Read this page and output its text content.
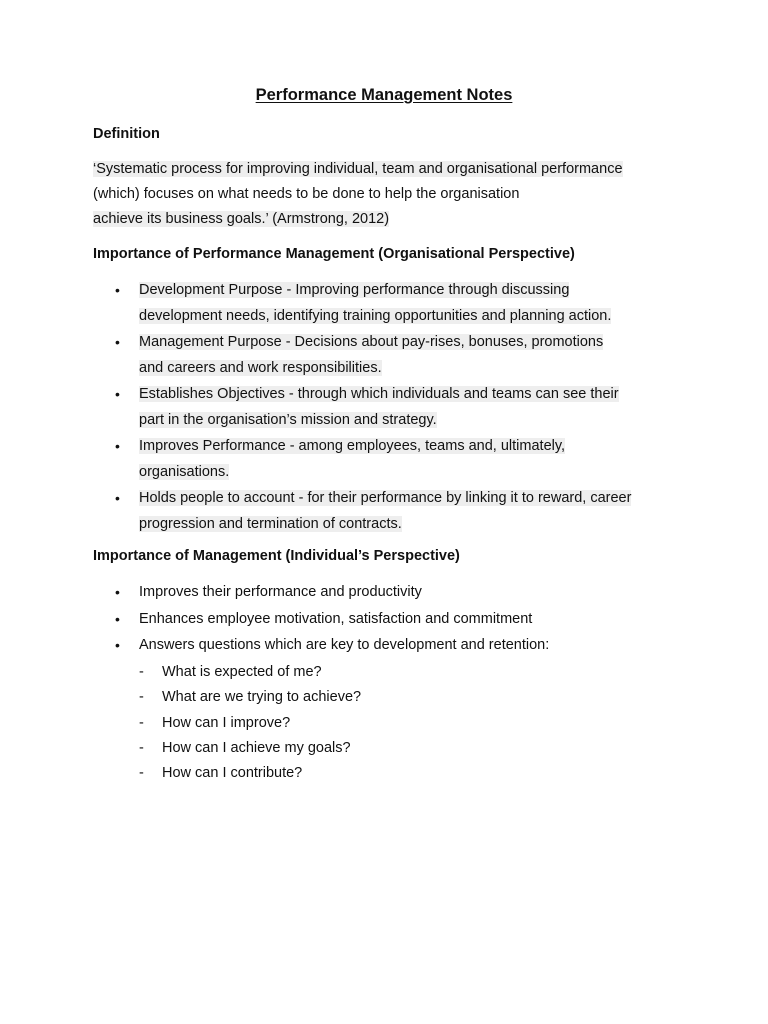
Performance Management Notes
Definition
‘Systematic process for improving individual, team and organisational performance
(which) focuses on what needs to be done to help the organisation
achieve its business goals.’ (Armstrong, 2012)
Importance of Performance Management (Organisational Perspective)
• Development Purpose - Improving performance through discussing
development needs, identifying training opportunities and planning action.
• Management Purpose - Decisions about pay-rises, bonuses, promotions
and careers and work responsibilities.
• Establishes Objectives - through which individuals and teams can see their
part in the organisation’s mission and strategy.
• Improves Performance - among employees, teams and, ultimately,
organisations.
• Holds people to account - for their performance by linking it to reward, career
progression and termination of contracts.
Importance of Management (Individual’s Perspective)
• Improves their performance and productivity
• Enhances employee motivation, satisfaction and commitment
• Answers questions which are key to development and retention:
- What is expected of me?
- What are we trying to achieve?
- How can I improve?
- How can I achieve my goals?
- How can I contribute?
